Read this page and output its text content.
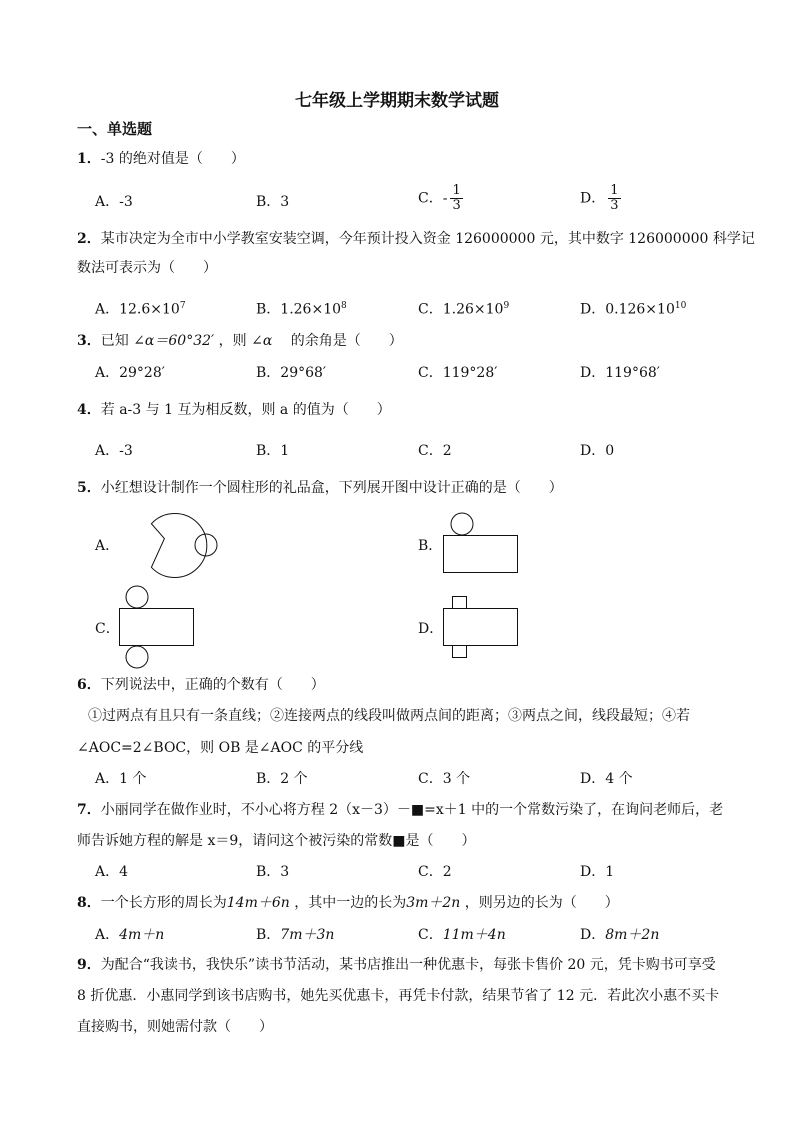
七年级上学期期末数学试题
一、单选题
1．-3 的绝对值是（　　）
A．-3	B．3	C．- $\frac{1}{3}$	D． $\frac{1}{3}$
2．某市决定为全市中小学教室安装空调，今年预计投入资金 126000000 元，其中数字 126000000 科学记
数法可表示为（　　）
A．$12.6\times 10^7$	B．$1.26\times 10^8$	C．$1.26\times 10^9$	D．$0.126\times 10^{10}$
3．已知 ∠α＝60°32′ ，则 ∠α 　的余角是（　　）
A．29°28′	B．29°68′	C．119°28′	D．119°68′
4．若 a-3 与 1 互为相反数，则 a 的值为（　　）
A．-3	B．1	C．2	D．0
5．小红想设计制作一个圆柱形的礼品盒，下列展开图中设计正确的是（　　）
A．	B．
C．	D．
6．下列说法中，正确的个数有（　　）
①过两点有且只有一条直线；②连接两点的线段叫做两点间的距离；③两点之间，线段最短；④若
∠AOC=2∠BOC，则 OB 是∠AOC 的平分线
A．1 个	B．2 个	C．3 个	D．4 个
7．小丽同学在做作业时，不小心将方程 2（x－3）－■=x＋1 中的一个常数污染了，在询问老师后，老
师告诉她方程的解是 x＝9，请问这个被污染的常数■是（　　）
A．4	B．3	C．2	D．1
8．一个长方形的周长为14m＋6n ，其中一边的长为3m＋2n ，则另边的长为（　　）
A．4m＋n	B．7m＋3n	C．11m＋4n	D．8m＋2n
9．为配合“我读书，我快乐”读书节活动，某书店推出一种优惠卡，每张卡售价 20 元，凭卡购书可享受
8 折优惠．小惠同学到该书店购书，她先买优惠卡，再凭卡付款，结果节省了 12 元．若此次小惠不买卡
直接购书，则她需付款（　　）
